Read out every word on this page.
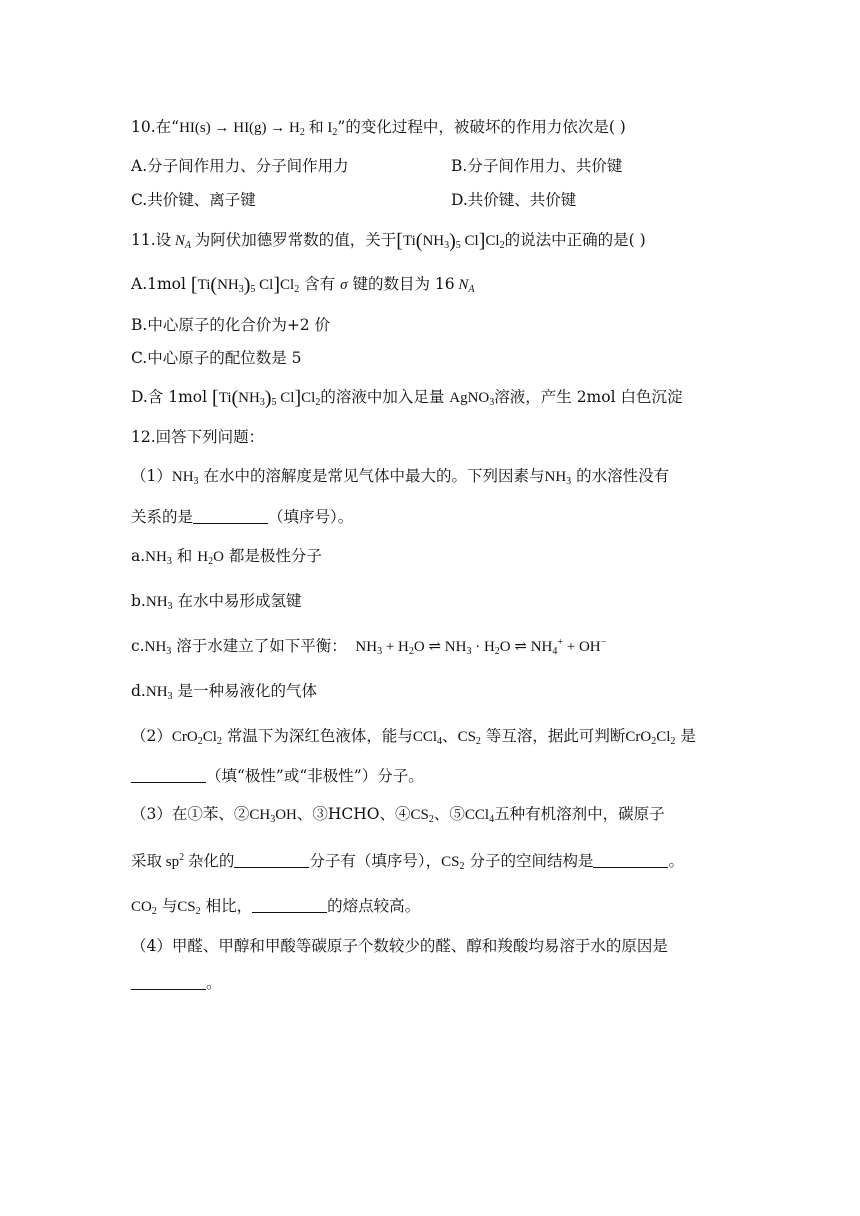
10.在“$HI(s) \to HI(g) \to H_2$ 和 $I_2$”的变化过程中，被破坏的作用力依次是( )
A.分子间作用力、分子间作用力	B.分子间作用力、共价键
C.共价键、离子键	D.共价键、共价键
11.设 $N_A$ 为阿伏加德罗常数的值，关于[$Ti(NH_3)_5$ $Cl]Cl_2$的说法中正确的是( )
A.1mol [$Ti(NH_3)_5$ $Cl]Cl_2$ 含有 σ 键的数目为 16 $N_A$
B.中心原子的化合价为+2 价
C.中心原子的配位数是 5
D.含 1mol [$Ti(NH_3)_5$ $Cl]Cl_2$的溶液中加入足量 AgNO$_3$溶液，产生 2mol 白色沉淀
12.回答下列问题：
$(1)NH_3$ 在水中的溶解度是常见气体中最大的。下列因素与$NH_3$ 的水溶性没有
关系的是	（填序号）。
$a.NH_3$ 和 $H_2O$ 都是极性分子
$b.NH_3$ 在水中易形成氢键
$c.NH_3$ 溶于水建立了如下平衡：  $NH_3 + H_2O$ ⇌ $NH_3 \cdot H_2O$ ⇌ $NH_4^+ + OH^-$
$d.NH_3$ 是一种易液化的气体
$(2)CrO_2Cl_2$ 常温下为深红色液体，能与CCl$_4$、$CS_2$ 等互溶，据此可判断$CrO_2Cl_2$ 是
（填“极性”或“非极性”）分子。
（3）在①苯、$②CH_3OH$、③HCHO、$④CS_2$、⑤CCl$_4$五种有机溶剂中，碳原子
采取 $sp^2$ 杂化的	分子有（填序号），$CS_2$ 分子的空间结构是	。
$CO_2$ 与$CS_2$ 相比，	的熔点较高。
（4）甲醛、甲醇和甲酸等碳原子个数较少的醛、醇和羧酸均易溶于水的原因是
。
